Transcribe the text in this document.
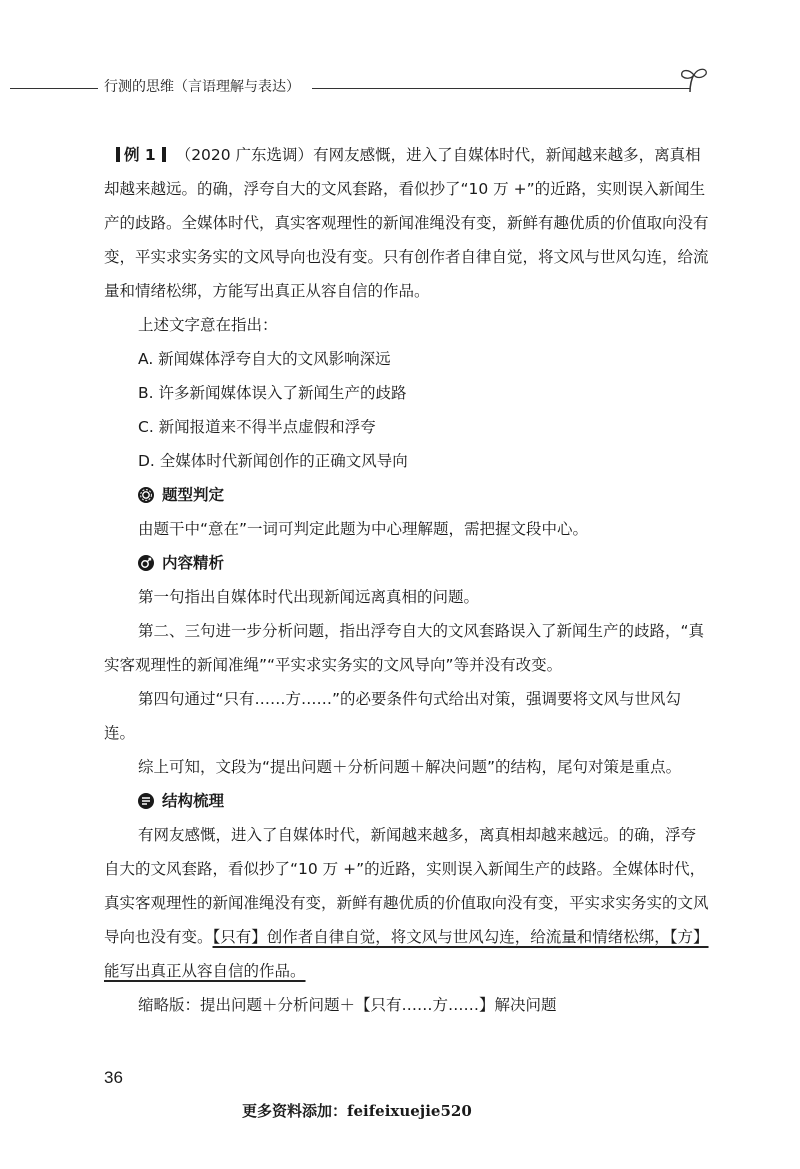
行测的思维（言语理解与表达）

例 1 （2020 广东选调）有网友感慨，进入了自媒体时代，新闻越来越多，离真相却越来越远。的确，浮夸自大的文风套路，看似抄了“10 万 +”的近路，实则误入新闻生产的歧路。全媒体时代，真实客观理性的新闻准绳没有变，新鲜有趣优质的价值取向没有变，平实求实务实的文风导向也没有变。只有创作者自律自觉，将文风与世风勾连，给流量和情绪松绑，方能写出真正从容自信的作品。

上述文字意在指出：

A. 新闻媒体浮夸自大的文风影响深远

B. 许多新闻媒体误入了新闻生产的歧路

C. 新闻报道来不得半点虚假和浮夸

D. 全媒体时代新闻创作的正确文风导向

题型判定

由题干中“意在”一词可判定此题为中心理解题，需把握文段中心。

内容精析

第一句指出自媒体时代出现新闻远离真相的问题。

第二、三句进一步分析问题，指出浮夸自大的文风套路误入了新闻生产的歧路，“真实客观理性的新闻准绳”“平实求实务实的文风导向”等并没有改变。

第四句通过“只有……方……”的必要条件句式给出对策，强调要将文风与世风勾连。

综上可知，文段为“提出问题＋分析问题＋解决问题”的结构，尾句对策是重点。

结构梳理

有网友感慨，进入了自媒体时代，新闻越来越多，离真相却越来越远。的确，浮夸自大的文风套路，看似抄了“10 万 +”的近路，实则误入新闻生产的歧路。全媒体时代，真实客观理性的新闻准绳没有变，新鲜有趣优质的价值取向没有变，平实求实务实的文风导向也没有变。【只有】创作者自律自觉，将文风与世风勾连，给流量和情绪松绑，【方】能写出真正从容自信的作品。

缩略版：提出问题＋分析问题＋【只有……方……】解决问题

36
更多资料添加：feifeixuejie520
